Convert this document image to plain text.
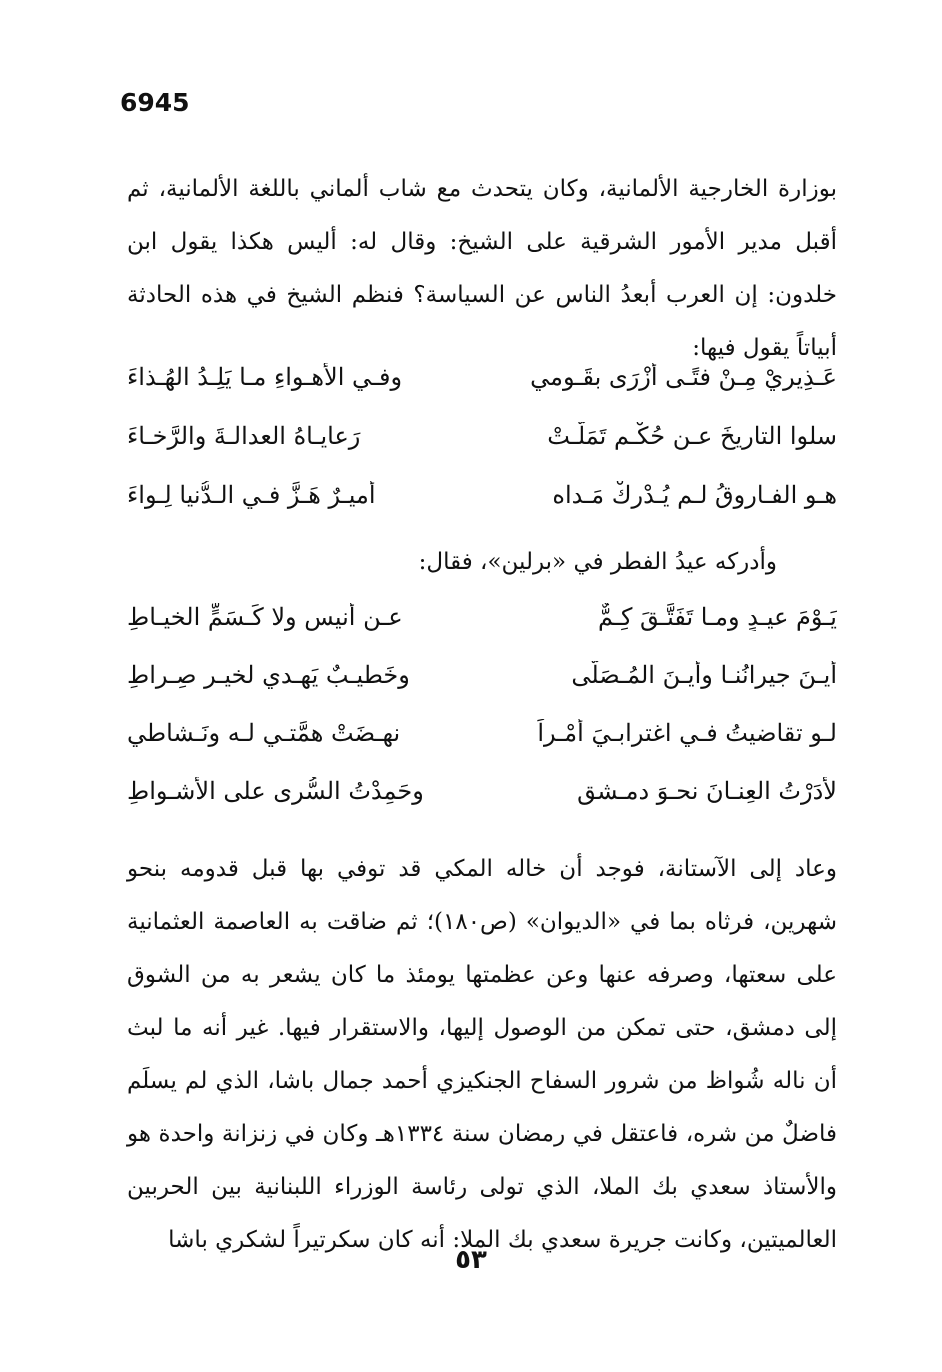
6945

بوزارة الخارجية الألمانية، وكان يتحدث مع شاب ألماني باللغة الألمانية، ثم أقبل مدير الأمور الشرقية على الشيخ: وقال له: أليس هكذا يقول ابن خلدون: إن العرب أبعدُ الناس عن السياسة؟ فنظم الشيخ في هذه الحادثة أبياتاً يقول فيها:

عَـذِيريْ مِـنْ فتًـى أَزْرَى بقَـومي
وفـي الأهـواءِ مـا يَلِـدُ الهُـذاءَ
سلوا التاريخَ عـن حُكْـمٍ تَمَلَّـتْ
رَعايـاهُ العدالـةَ والرَّخـاءَ
هـو الفـاروقُ لـم يُـدْرِكْ مَـداه
أميـرٌ هَـزَّ فـي الـدُّنيا لِـواءَ
وأدركه عيدُ الفطر في «برلين»، فقال:
يَـوْمَ عيـدٍ ومـا تَفَتَّـقَ كِـمٌّ
عـن أَنيسٍ ولا كَـسَمٍّ الخيـاطِ
أيـنَ جيرانُنـا وأيـنَ المُـصَلَّى
وخَطيـبٌ يَهـدي لخيـرِ صِـراطِ
لـو تقاضيتُ فـي اغترابـيَ أَمْـراً
نهـضَتْ همَّتـي لـه ونَـشاطي
لأَدَرْتُ العِنـانَ نحـوَ دمـشقٍ
وحَمِدْتُ السُّرى على الأشـواطِ

وعاد إلى الآستانة، فوجد أن خاله المكي قد توفي بها قبل قدومه بنحو شهرين، فرثاه بما في «الديوان» (ص١٨٠)؛ ثم ضاقت به العاصمة العثمانية على سعتها، وصرفه عنها وعن عظمتها يومئذ ما كان يشعر به من الشوق إلى دمشق، حتى تمكن من الوصول إليها، والاستقرار فيها. غير أنه ما لبث أن ناله شُواظ من شرور السفاح الجنكيزي أحمد جمال باشا، الذي لم يسلَم فاضلٌ من شره، فاعتقل في رمضان سنة ١٣٣٤هـ وكان في زنزانة واحدة هو والأستاذ سعدي بك الملا، الذي تولى رئاسة الوزراء اللبنانية بين الحربين العالميتين، وكانت جريرة سعدي بك الملا: أنه كان سكرتيراً لشكري باشا

٥٣
